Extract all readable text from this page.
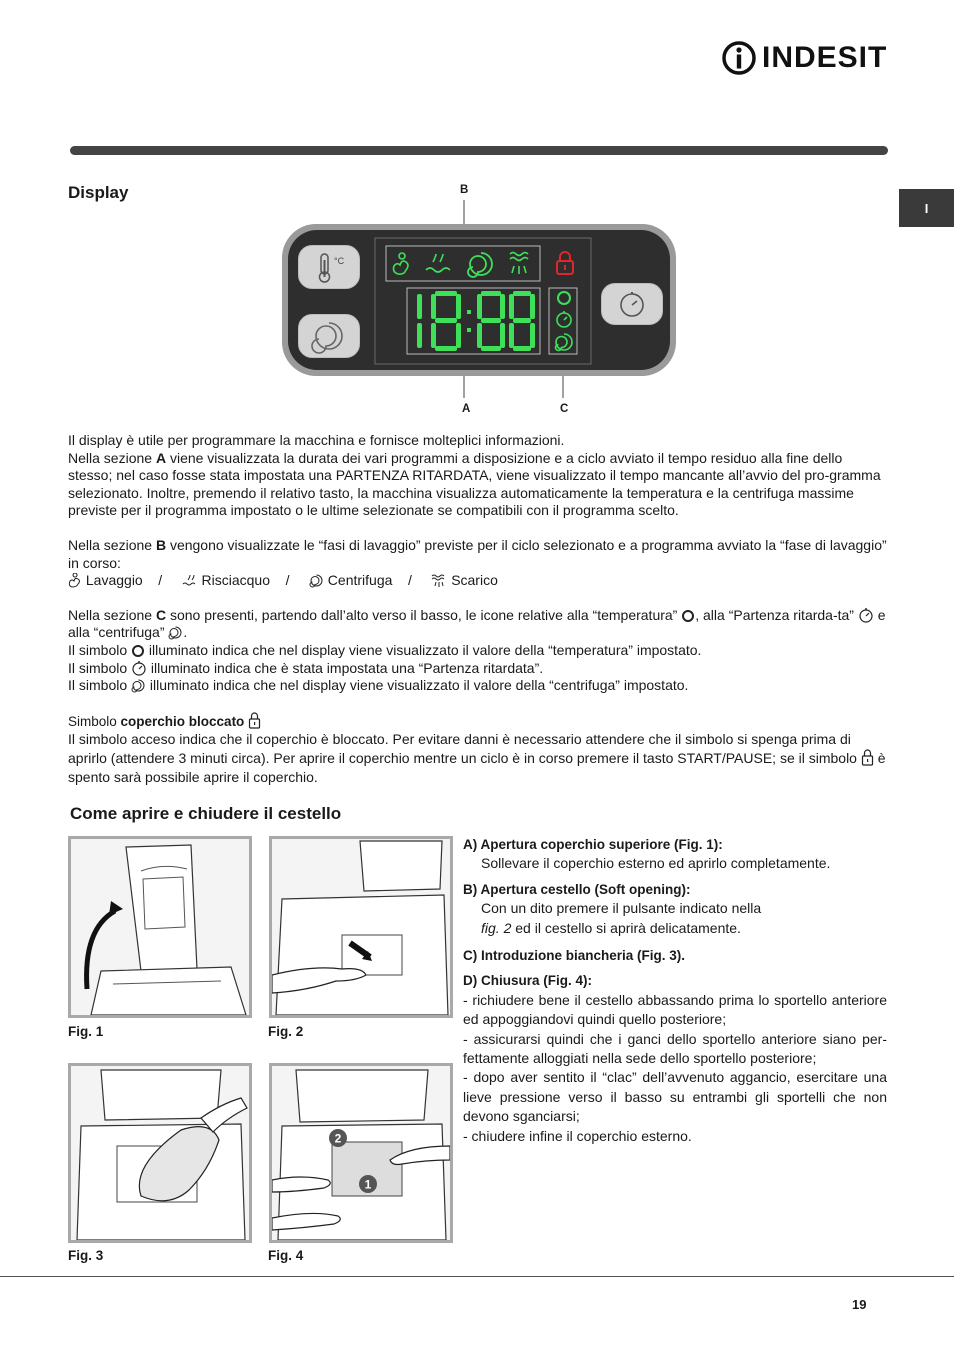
INDESIT
I
Display	B
A	C
°C

Il display è utile per programmare la macchina e fornisce molteplici informazioni.

Nella sezione A viene visualizzata la durata dei vari programmi a disposizione e a ciclo avviato il tempo residuo alla fine dello stesso; nel caso fosse stata impostata una PARTENZA RITARDATA, viene visualizzato il tempo mancante all’avvio del pro-gramma selezionato. Inoltre, premendo il relativo tasto, la macchina visualizza automaticamente la temperatura e la centrifuga massime previste per il programma impostato o le ultime selezionate se compatibili con il programma scelto.

Nella sezione B vengono visualizzate le “fasi di lavaggio” previste per il ciclo selezionato e a programma avviato la “fase di lavaggio” in corso:

Lavaggio /	Risciacquo /	Centrifuga /	Scarico

Nella sezione C sono presenti, partendo dall’alto verso il basso, le icone relative alla “temperatura” , alla “Partenza ritarda-ta”  e alla “centrifuga” .

Il simbolo  illuminato indica che nel display viene visualizzato il valore della “temperatura” impostato.

Il simbolo  illuminato indica che è stata impostata una “Partenza ritardata”.

Il simbolo  illuminato indica che nel display viene visualizzato il valore della “centrifuga” impostato.

Simbolo coperchio bloccato

Il simbolo acceso indica che il coperchio è bloccato. Per evitare danni è necessario attendere che il simbolo si spenga prima di aprirlo (attendere 3 minuti circa). Per aprire il coperchio mentre un ciclo è in corso premere il tasto START/PAUSE; se il simbolo  è spento sarà possibile aprire il coperchio.

Come aprire e chiudere il cestello
Fig. 1	Fig. 2
2
1
Fig. 3	Fig. 4

A) Apertura coperchio superiore (Fig. 1):

Sollevare il coperchio esterno ed aprirlo completamente.

B) Apertura cestello (Soft opening):

Con un dito premere il pulsante indicato nella

fig. 2 ed il cestello si aprirà delicatamente.

C) Introduzione biancheria (Fig. 3).

D) Chiusura (Fig. 4):

- richiudere bene il cestello abbassando prima lo sportello anteriore ed appoggiandovi quindi quello posteriore;

- assicurarsi quindi che i ganci dello sportello anteriore siano per-fettamente alloggiati nella sede dello sportello posteriore;

- dopo aver sentito il “clac” dell’avvenuto aggancio, esercitare una lieve pressione verso il basso su entrambi gli sportelli che non devono sganciarsi;

- chiudere infine il coperchio esterno.

19
